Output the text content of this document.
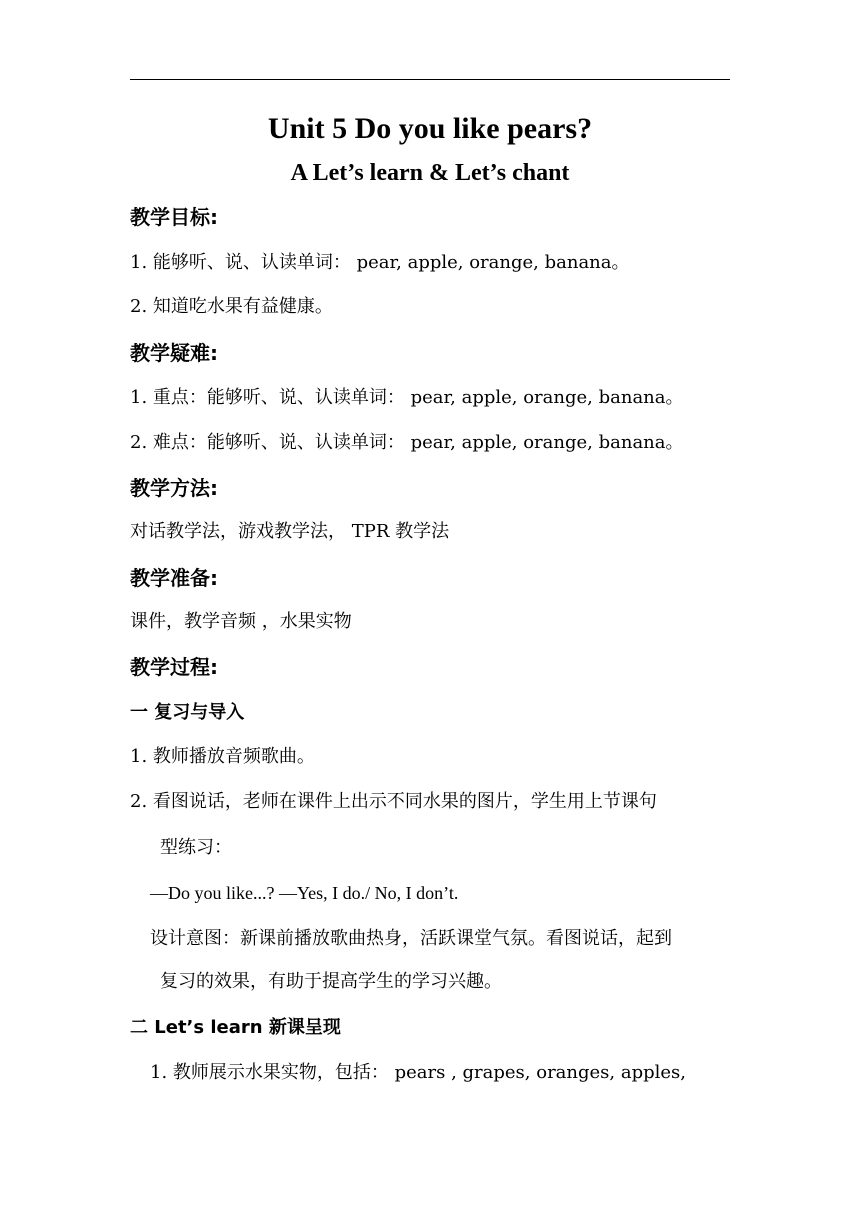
Unit 5 Do you like pears?
A Let’s learn & Let’s chant
教学目标:
1. 能够听、说、认读单词： pear, apple, orange, banana。
2. 知道吃水果有益健康。
教学疑难:
1. 重点：能够听、说、认读单词： pear, apple, orange, banana。
2. 难点：能够听、说、认读单词： pear, apple, orange, banana。
教学方法:
对话教学法，游戏教学法， TPR 教学法
教学准备:
课件，教学音频 ，水果实物
教学过程:
一 复习与导入
1. 教师播放音频歌曲。
2. 看图说话，老师在课件上出示不同水果的图片，学生用上节课句
型练习：
—Do you like...? —Yes, I do./ No, I don’t.
设计意图：新课前播放歌曲热身，活跃课堂气氛。看图说话，起到
复习的效果，有助于提高学生的学习兴趣。
二 Let’s learn 新课呈现
1. 教师展示水果实物，包括： pears , grapes, oranges, apples,
